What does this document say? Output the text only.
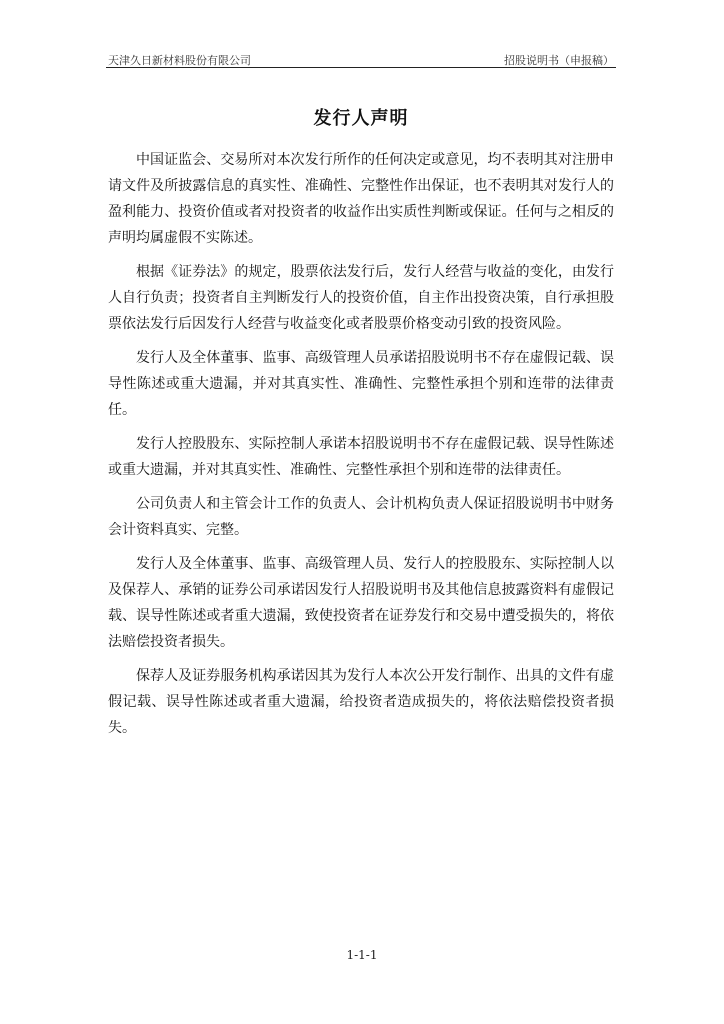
天津久日新材料股份有限公司	招股说明书（申报稿）
发行人声明

中国证监会、交易所对本次发行所作的任何决定或意见，均不表明其对注册申请文件及所披露信息的真实性、准确性、完整性作出保证，也不表明其对发行人的盈利能力、投资价值或者对投资者的收益作出实质性判断或保证。任何与之相反的声明均属虚假不实陈述。

根据《证券法》的规定，股票依法发行后，发行人经营与收益的变化，由发行人自行负责；投资者自主判断发行人的投资价值，自主作出投资决策，自行承担股票依法发行后因发行人经营与收益变化或者股票价格变动引致的投资风险。

发行人及全体董事、监事、高级管理人员承诺招股说明书不存在虚假记载、误导性陈述或重大遗漏，并对其真实性、准确性、完整性承担个别和连带的法律责任。

发行人控股股东、实际控制人承诺本招股说明书不存在虚假记载、误导性陈述或重大遗漏，并对其真实性、准确性、完整性承担个别和连带的法律责任。

公司负责人和主管会计工作的负责人、会计机构负责人保证招股说明书中财务会计资料真实、完整。

发行人及全体董事、监事、高级管理人员、发行人的控股股东、实际控制人以及保荐人、承销的证券公司承诺因发行人招股说明书及其他信息披露资料有虚假记载、误导性陈述或者重大遗漏，致使投资者在证券发行和交易中遭受损失的，将依法赔偿投资者损失。

保荐人及证券服务机构承诺因其为发行人本次公开发行制作、出具的文件有虚假记载、误导性陈述或者重大遗漏，给投资者造成损失的，将依法赔偿投资者损失。

1-1-1
